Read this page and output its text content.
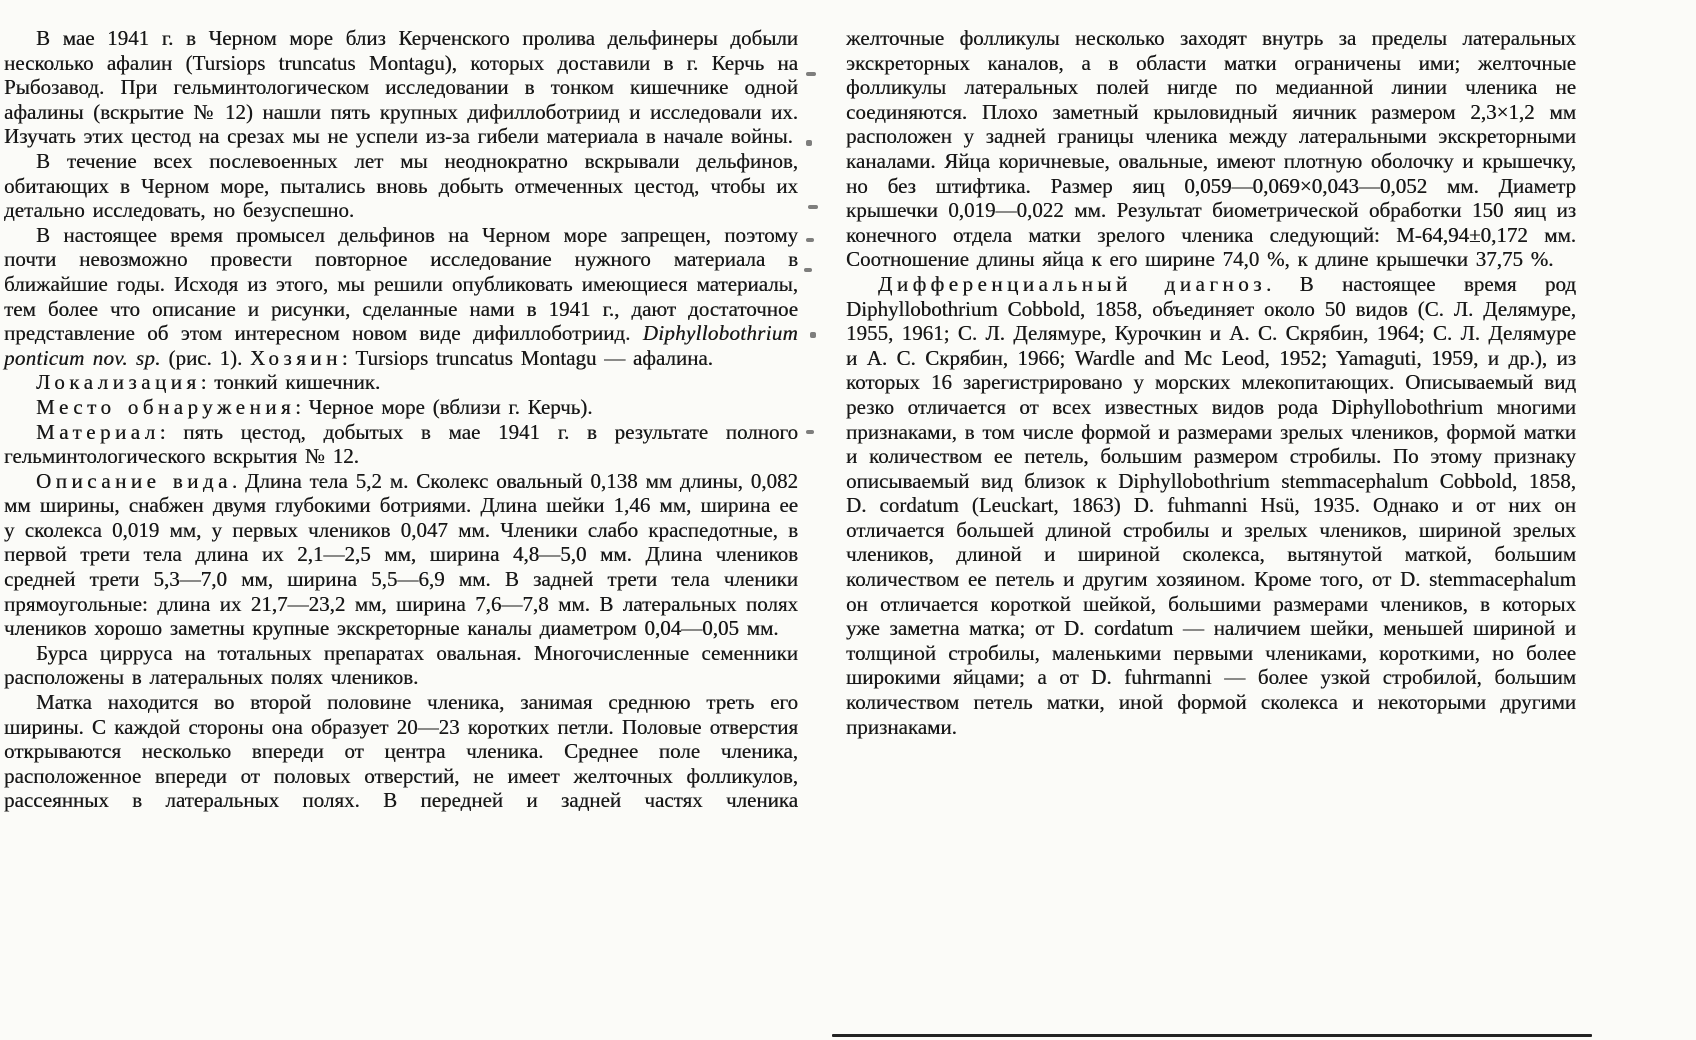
В мае 1941 г. в Черном море близ Керченского пролива дельфинеры добыли несколько афалин (Tursiops truncatus Montagu), которых доставили в г. Керчь на Рыбозавод. При гельминтологическом исследовании в тонком кишечнике одной афалины (вскрытие № 12) нашли пять крупных дифиллоботриид и исследовали их. Изучать этих цестод на срезах мы не успели из-за гибели материала в начале войны.

В течение всех послевоенных лет мы неоднократно вскрывали дельфинов, обитающих в Черном море, пытались вновь добыть отмеченных цестод, чтобы их детально исследовать, но безуспешно.

В настоящее время промысел дельфинов на Черном море запрещен, поэтому почти невозможно провести повторное исследование нужного материала в ближайшие годы. Исходя из этого, мы решили опубликовать имеющиеся материалы, тем более что описание и рисунки, сделанные нами в 1941 г., дают достаточное представление об этом интересном новом виде дифиллоботриид. Diphyllobothrium ponticum nov. sp. (рис. 1). Хозяин: Tursiops truncatus Montagu — афалина.

Локализация: тонкий кишечник.

Место обнаружения: Черное море (вблизи г. Керчь).

Материал: пять цестод, добытых в мае 1941 г. в результате полного гельминтологического вскрытия № 12.

Описание вида. Длина тела 5,2 м. Сколекс овальный 0,138 мм длины, 0,082 мм ширины, снабжен двумя глубокими ботриями. Длина шейки 1,46 мм, ширина ее у сколекса 0,019 мм, у первых члеников 0,047 мм. Членики слабо краспедотные, в первой трети тела длина их 2,1—2,5 мм, ширина 4,8—5,0 мм. Длина члеников средней трети 5,3—7,0 мм, ширина 5,5—6,9 мм. В задней трети тела членики прямоугольные: длина их 21,7—23,2 мм, ширина 7,6—7,8 мм. В латеральных полях члеников хорошо заметны крупные экскреторные каналы диаметром 0,04—0,05 мм.

Бурса цирруса на тотальных препаратах овальная. Многочисленные семенники расположены в латеральных полях члеников.

Матка находится во второй половине членика, занимая среднюю треть его ширины. С каждой стороны она образует 20—23 коротких петли. Половые отверстия открываются несколько впереди от центра членика. Среднее поле членика, расположенное впереди от половых отверстий, не имеет желточных фолликулов, рассеянных в латеральных полях. В передней и задней частях членика

желточные фолликулы несколько заходят внутрь за пределы латеральных экскреторных каналов, а в области матки ограничены ими; желточные фолликулы латеральных полей нигде по медианной линии членика не соединяются. Плохо заметный крыловидный яичник размером 2,3×1,2 мм расположен у задней границы членика между латеральными экскреторными каналами. Яйца коричневые, овальные, имеют плотную оболочку и крышечку, но без штифтика. Размер яиц 0,059—0,069×0,043—0,052 мм. Диаметр крышечки 0,019—0,022 мм. Результат биометрической обработки 150 яиц из конечного отдела матки зрелого членика следующий: М-64,94±0,172 мм. Соотношение длины яйца к его ширине 74,0 %, к длине крышечки 37,75 %.

Дифференциальный диагноз. В настоящее время род Diphyllobothrium Cobbold, 1858, объединяет около 50 видов (С. Л. Делямуре, 1955, 1961; С. Л. Делямуре, Курочкин и А. С. Скрябин, 1964; С. Л. Делямуре и А. С. Скрябин, 1966; Wardle and Mc Leod, 1952; Yamaguti, 1959, и др.), из которых 16 зарегистрировано у морских млекопитающих. Описываемый вид резко отличается от всех известных видов рода Diphyllobothrium многими признаками, в том числе формой и размерами зрелых члеников, формой матки и количеством ее петель, большим размером стробилы. По этому признаку описываемый вид близок к Diphyllobothrium stemmacephalum Cobbold, 1858, D. cordatum (Leuckart, 1863) D. fuhmanni Hsü, 1935. Однако и от них он отличается большей длиной стробилы и зрелых члеников, шириной зрелых члеников, длиной и шириной сколекса, вытянутой маткой, большим количеством ее петель и другим хозяином. Кроме того, от D. stemmacephalum он отличается короткой шейкой, большими размерами члеников, в которых уже заметна матка; от D. cordatum — наличием шейки, меньшей шириной и толщиной стробилы, маленькими первыми члениками, короткими, но более широкими яйцами; а от D. fuhrmanni — более узкой стробилой, большим количеством петель матки, иной формой сколекса и некоторыми другими признаками.
